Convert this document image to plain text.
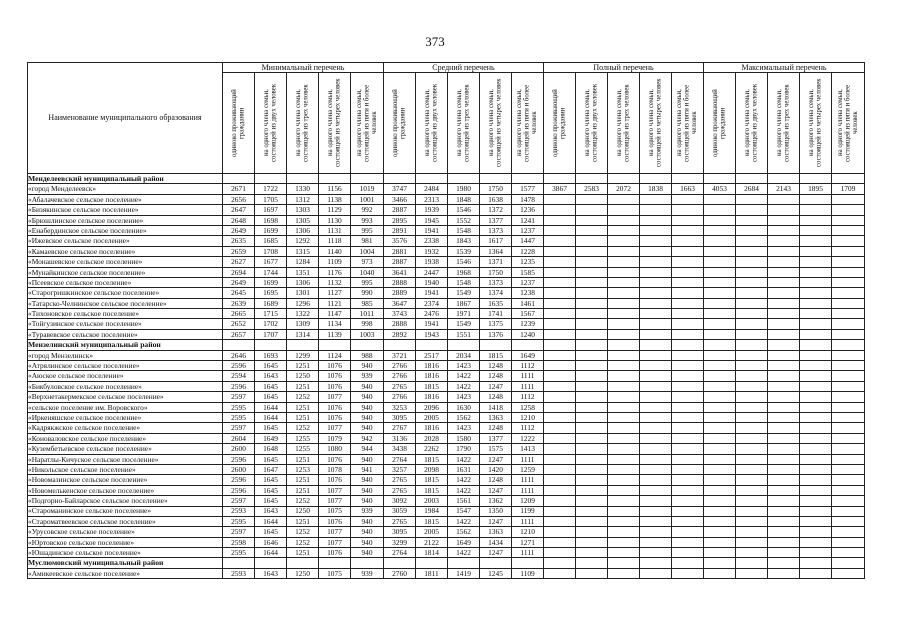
373
Наименование муниципального образования	Минимальный перечень					Средний перечень					Полный перечень					Максимальный перечень				

	одиноко проживающий гражданин	на одного члена семьи, состоящей из двух человек	на одного члена семьи, состоящей из трех человек	на одного члена семьи, состоящей из четырех человек	на одного члена семьи, состоящей из пяти и более человек	одиноко проживающий гражданин	на одного члена семьи, состоящей из двух человек	на одного члена семьи, состоящей из трех человек	на одного члена семьи, состоящей из четырех человек	на одного члена семьи, состоящей из пяти и более человек	одиноко проживающий гражданин	на одного члена семьи, состоящей из двух человек	на одного члена семьи, состоящей из трех человек	на одного члена семьи, состоящей из четырех человек	на одного члена семьи, состоящей из пяти и более человек	одиноко проживающий гражданин	на одного члена семьи, состоящей из двух человек	на одного члена семьи, состоящей из трех человек	на одного члена семьи, состоящей из четырех человек	на одного члена семьи, состоящей из пяти и более человек

Менделеевский муниципальный район																				
«город Менделеевск»	2671	1722	1330	1156	1019	3747	2484	1980	1750	1577	3867	2583	2072	1838	1663	4053	2684	2143	1895	1709
«Абалачевское сельское поселение»	2656	1705	1312	1138	1001	3466	2313	1848	1638	1478										
«Бизякинское сельское поселение»	2647	1697	1303	1129	992	2887	1939	1546	1372	1236										
«Брюшлинское сельское поселение»	2648	1698	1305	1130	993	2895	1945	1552	1377	1241										
«Енабердинское сельское поселение»	2649	1699	1306	1131	995	2891	1941	1548	1373	1237										
«Ижевское сельское поселение»	2635	1685	1292	1118	981	3576	2338	1843	1617	1447										
«Камаевское сельское поселение»	2659	1708	1315	1140	1004	2881	1932	1539	1364	1228										
«Монашевское сельское поселение»	2627	1677	1284	1109	973	2887	1938	1546	1371	1235										
«Мунайкинское сельское поселение»	2694	1744	1351	1176	1040	3641	2447	1968	1750	1585										
«Псеевское сельское поселение»	2649	1699	1306	1132	995	2888	1940	1548	1373	1237										
«Старогришкинское сельское поселение»	2645	1695	1301	1127	990	2889	1941	1549	1374	1238										
«Татарско-Челнинское сельское поселение»	2639	1689	1296	1121	985	3647	2374	1867	1635	1461										
«Тихоновское сельское поселение»	2665	1715	1322	1147	1011	3743	2476	1971	1741	1567										
«Тойгузинское сельское поселение»	2652	1702	1309	1134	998	2888	1941	1549	1375	1239										
«Туравевское сельское поселение»	2657	1707	1314	1139	1003	2892	1943	1551	1376	1240										
Мензелинский муниципальный район																				
«город Мензелинск»	2646	1693	1299	1124	988	3721	2517	2034	1815	1649										
«Атрялинское сельское поселение»	2596	1645	1251	1076	940	2766	1816	1423	1248	1112										
«Аюское сельское поселение»	2594	1643	1250	1076	939	2766	1816	1422	1248	1111										
«Бикбуловское сельское поселение»	2596	1645	1251	1076	940	2765	1815	1422	1247	1111										
«Верхнетакермекское сельское поселение»	2597	1645	1252	1077	940	2766	1816	1423	1248	1112										
«сельское поселение им. Воровского»	2595	1644	1251	1076	940	3253	2096	1630	1418	1258										
«Иркеняшское сельское поселение»	2595	1644	1251	1076	940	3095	2005	1562	1363	1210										
«Кадрякжское сельское поселение»	2597	1645	1252	1077	940	2767	1816	1423	1248	1112										
«Коноваловское сельское поселение»	2604	1649	1255	1079	942	3136	2028	1580	1377	1222										
«Кузембетьевское сельское поселение»	2600	1648	1255	1080	944	3438	2262	1790	1575	1413										
«Наратлы-Кичуское сельское поселение»	2596	1645	1251	1076	940	2764	1815	1422	1247	1111										
«Никольское сельское поселение»	2600	1647	1253	1078	941	3257	2098	1631	1420	1259										
«Новомазинское сельское поселение»	2596	1645	1251	1076	940	2765	1815	1422	1248	1111										
«Новомелькенское сельское поселение»	2596	1645	1251	1077	940	2765	1815	1422	1247	1111										
«Подгорно-Байларское сельское поселение»	2597	1645	1252	1077	940	3092	2003	1561	1362	1209										
«Староманинское сельское поселение»	2593	1643	1250	1075	939	3059	1984	1547	1350	1199										
«Староматвеевское сельское поселение»	2595	1644	1251	1076	940	2765	1815	1422	1247	1111										
«Урусовское сельское поселение»	2597	1645	1252	1077	940	3095	2005	1562	1363	1210										
«Юртовское сельское поселение»	2598	1646	1252	1077	940	3299	2122	1649	1434	1271										
«Юшадинское сельское поселение»	2595	1644	1251	1076	940	2764	1814	1422	1247	1111										
Муслюмовский муниципальный район																				
«Амикеевское сельское поселение»	2593	1643	1250	1075	939	2760	1811	1419	1245	1109										
